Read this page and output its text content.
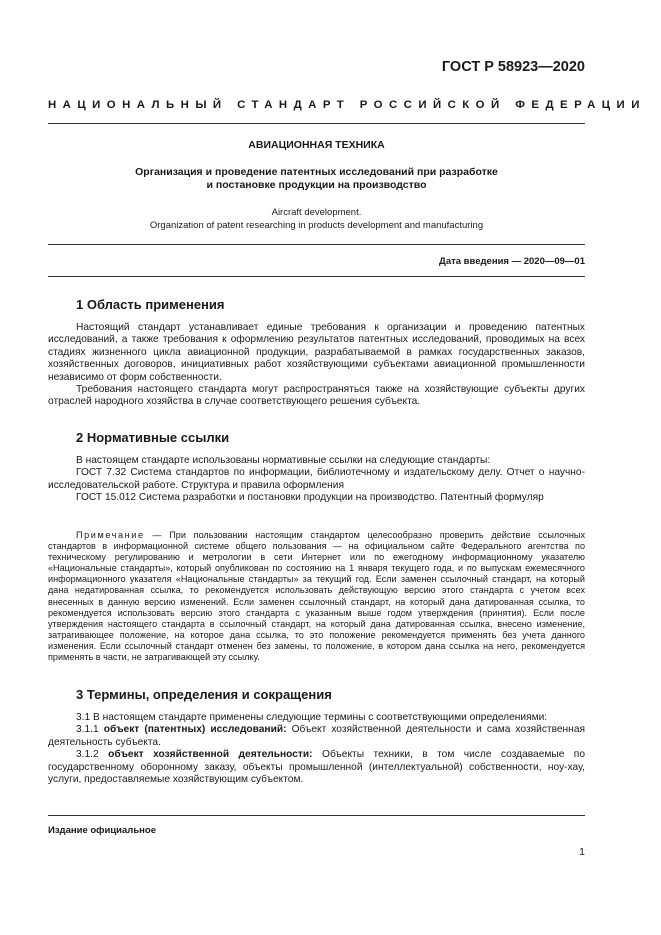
ГОСТ Р 58923—2020
НАЦИОНАЛЬНЫЙ СТАНДАРТ РОССИЙСКОЙ ФЕДЕРАЦИИ
АВИАЦИОННАЯ ТЕХНИКА
Организация и проведение патентных исследований при разработке
и постановке продукции на производство
Aircraft development.
Organization of patent researching in products development and manufacturing
Дата введения — 2020—09—01
1 Область применения

Настоящий стандарт устанавливает единые требования к организации и проведению патентных исследований, а также требования к оформлению результатов патентных исследований, проводимых на всех стадиях жизненного цикла авиационной продукции, разрабатываемой в рамках государственных заказов, хозяйственных договоров, инициативных работ хозяйствующими субъектами авиационной промышленности независимо от форм собственности.

Требования настоящего стандарта могут распространяться также на хозяйствующие субъекты других отраслей народного хозяйства в случае соответствующего решения субъекта.

2 Нормативные ссылки

В настоящем стандарте использованы нормативные ссылки на следующие стандарты:

ГОСТ 7.32 Система стандартов по информации, библиотечному и издательскому делу. Отчет о научно-исследовательской работе. Структура и правила оформления

ГОСТ 15.012 Система разработки и постановки продукции на производство. Патентный формуляр

Примечание — При пользовании настоящим стандартом целесообразно проверить действие ссылочных стандартов в информационной системе общего пользования — на официальном сайте Федерального агентства по техническому регулированию и метрологии в сети Интернет или по ежегодному информационному указателю «Национальные стандарты», который опубликован по состоянию на 1 января текущего года, и по выпускам ежемесячного информационного указателя «Национальные стандарты» за текущий год. Если заменен ссылочный стандарт, на который дана недатированная ссылка, то рекомендуется использовать действующую версию этого стандарта с учетом всех внесенных в данную версию изменений. Если заменен ссылочный стандарт, на который дана датированная ссылка, то рекомендуется использовать версию этого стандарта с указанным выше годом утверждения (принятия). Если после утверждения настоящего стандарта в ссылочный стандарт, на который дана датированная ссылка, внесено изменение, затрагивающее положение, на которое дана ссылка, то это положение рекомендуется применять без учета данного изменения. Если ссылочный стандарт отменен без замены, то положение, в котором дана ссылка на него, рекомендуется применять в части, не затрагивающей эту ссылку.

3 Термины, определения и сокращения

3.1 В настоящем стандарте применены следующие термины с соответствующими определениями:

3.1.1 объект (патентных) исследований: Объект хозяйственной деятельности и сама хозяйственная деятельность субъекта.

3.1.2 объект хозяйственной деятельности: Объекты техники, в том числе создаваемые по государственному оборонному заказу, объекты промышленной (интеллектуальной) собственности, ноу-хау, услуги, предоставляемые хозяйствующим субъектом.

Издание официальное
1
